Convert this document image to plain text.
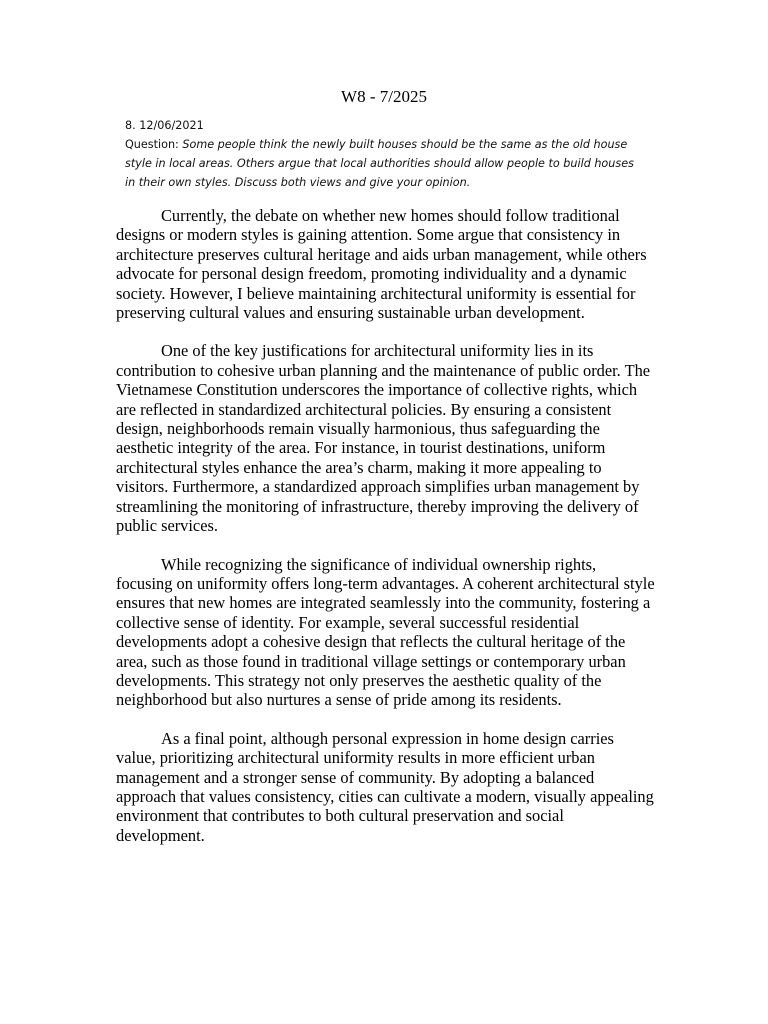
W8 - 7/2025
8. 12/06/2021
Question: Some people think the newly built houses should be the same as the old house style in local areas. Others argue that local authorities should allow people to build houses in their own styles. Discuss both views and give your opinion.

Currently, the debate on whether new homes should follow traditional designs or modern styles is gaining attention. Some argue that consistency in architecture preserves cultural heritage and aids urban management, while others advocate for personal design freedom, promoting individuality and a dynamic society. However, I believe maintaining architectural uniformity is essential for preserving cultural values and ensuring sustainable urban development.

One of the key justifications for architectural uniformity lies in its contribution to cohesive urban planning and the maintenance of public order. The Vietnamese Constitution underscores the importance of collective rights, which are reflected in standardized architectural policies. By ensuring a consistent design, neighborhoods remain visually harmonious, thus safeguarding the aesthetic integrity of the area. For instance, in tourist destinations, uniform architectural styles enhance the area’s charm, making it more appealing to visitors. Furthermore, a standardized approach simplifies urban management by streamlining the monitoring of infrastructure, thereby improving the delivery of public services.

While recognizing the significance of individual ownership rights, focusing on uniformity offers long-term advantages. A coherent architectural style ensures that new homes are integrated seamlessly into the community, fostering a collective sense of identity. For example, several successful residential developments adopt a cohesive design that reflects the cultural heritage of the area, such as those found in traditional village settings or contemporary urban developments. This strategy not only preserves the aesthetic quality of the neighborhood but also nurtures a sense of pride among its residents.

As a final point, although personal expression in home design carries value, prioritizing architectural uniformity results in more efficient urban management and a stronger sense of community. By adopting a balanced approach that values consistency, cities can cultivate a modern, visually appealing environment that contributes to both cultural preservation and social development.
